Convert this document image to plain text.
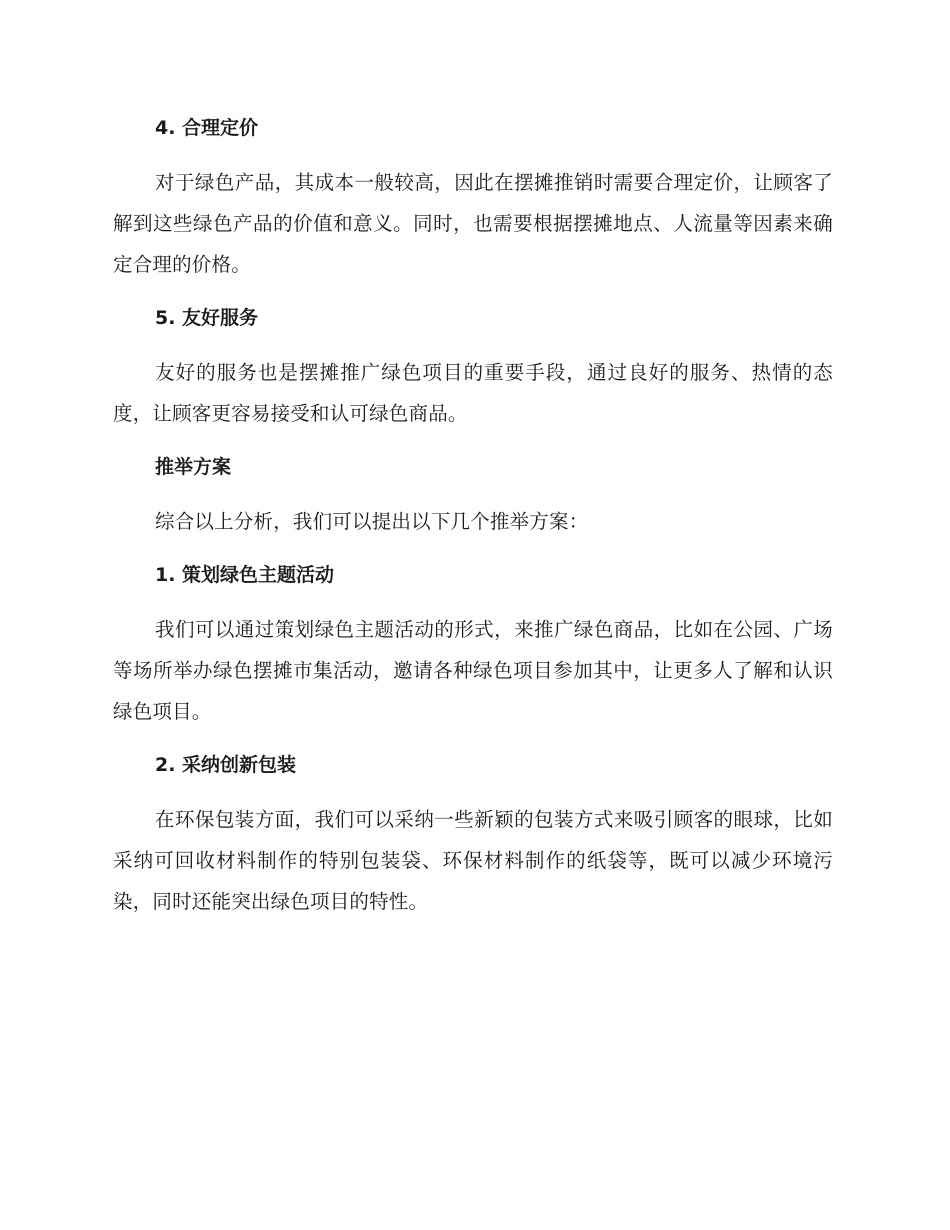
4. 合理定价

对于绿色产品，其成本一般较高，因此在摆摊推销时需要合理定价，让顾客了解到这些绿色产品的价值和意义。同时，也需要根据摆摊地点、人流量等因素来确定合理的价格。

5. 友好服务

友好的服务也是摆摊推广绿色项目的重要手段，通过良好的服务、热情的态度，让顾客更容易接受和认可绿色商品。

推举方案

综合以上分析，我们可以提出以下几个推举方案：

1. 策划绿色主题活动

我们可以通过策划绿色主题活动的形式，来推广绿色商品，比如在公园、广场等场所举办绿色摆摊市集活动，邀请各种绿色项目参加其中，让更多人了解和认识绿色项目。

2. 采纳创新包装

在环保包装方面，我们可以采纳一些新颖的包装方式来吸引顾客的眼球，比如采纳可回收材料制作的特别包装袋、环保材料制作的纸袋等，既可以减少环境污染，同时还能突出绿色项目的特性。
